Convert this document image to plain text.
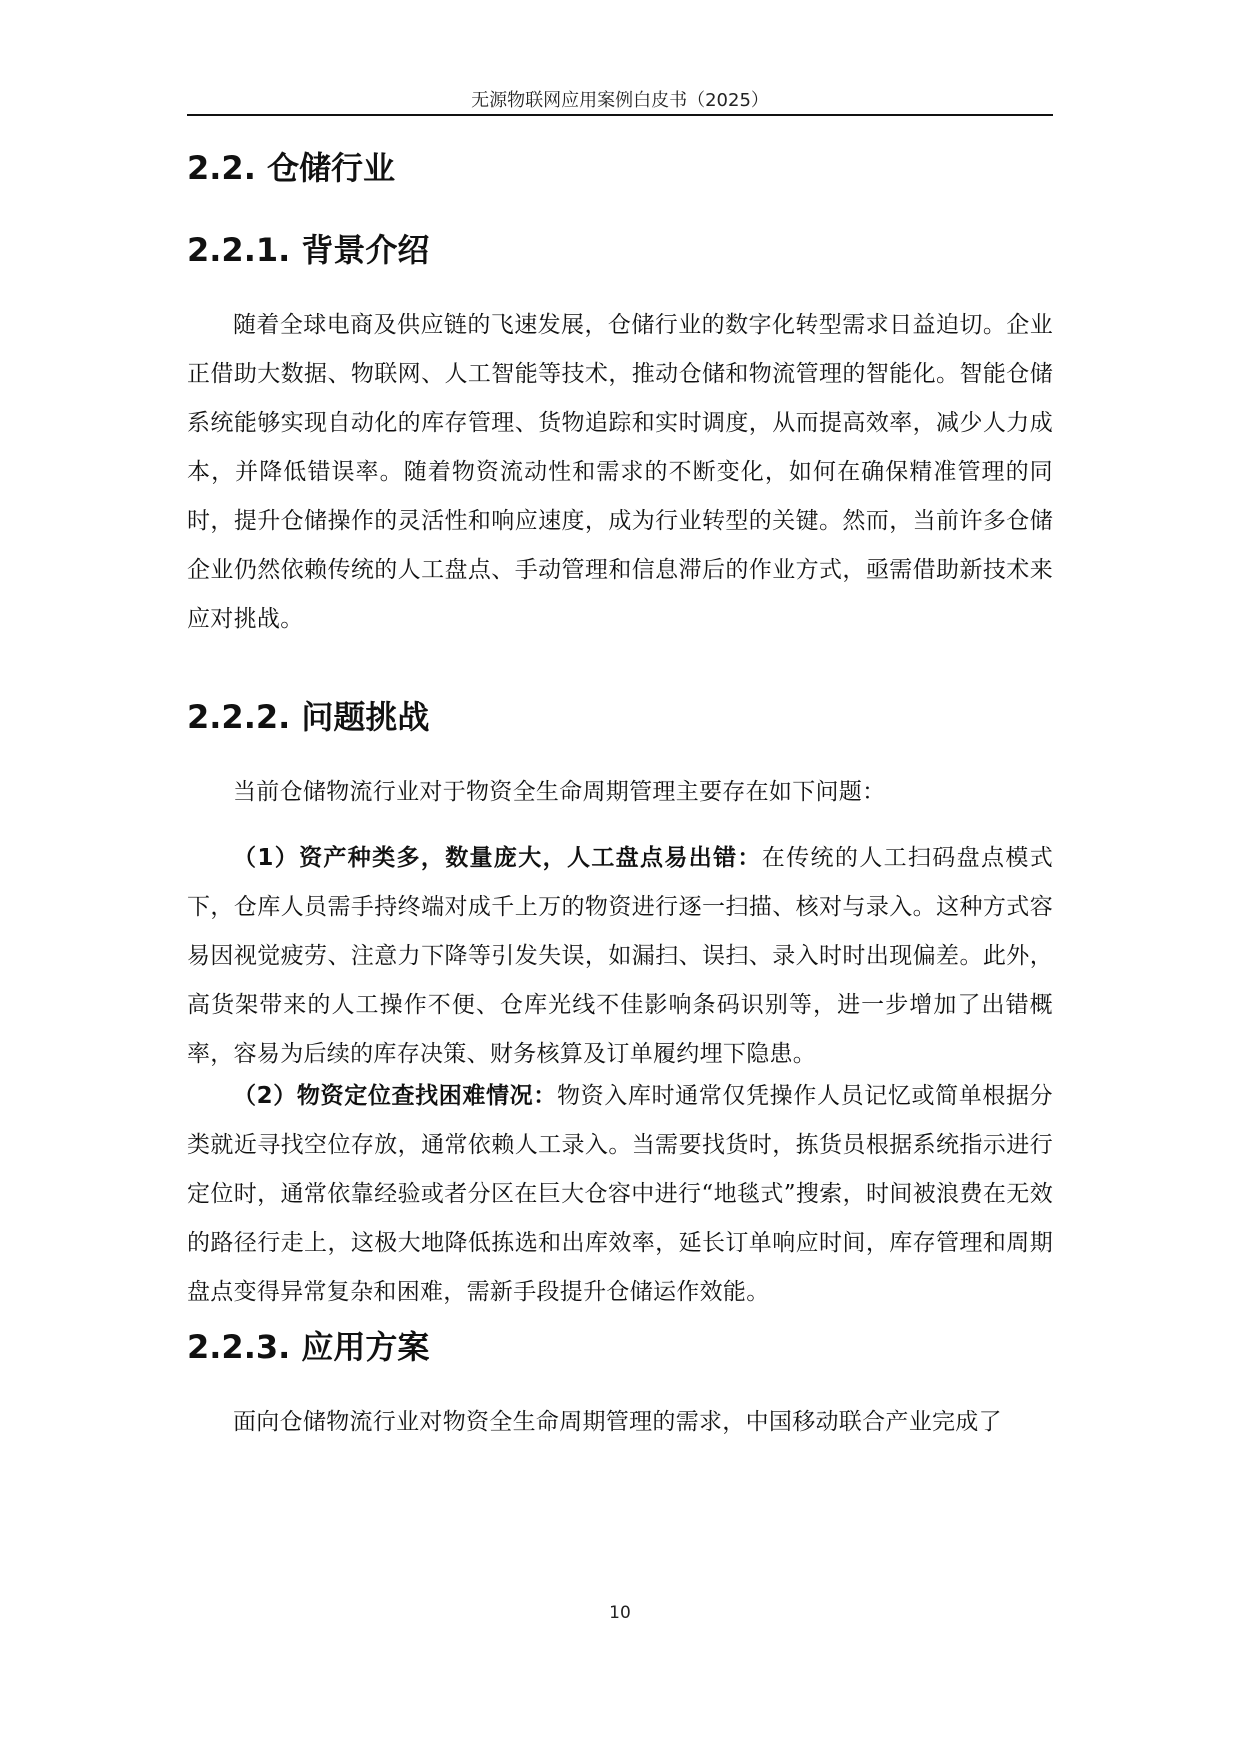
无源物联网应用案例白皮书（2025）
2.2. 仓储行业
2.2.1. 背景介绍

随着全球电商及供应链的飞速发展，仓储行业的数字化转型需求日益迫切。企业正借助大数据、物联网、人工智能等技术，推动仓储和物流管理的智能化。智能仓储系统能够实现自动化的库存管理、货物追踪和实时调度，从而提高效率，减少人力成本，并降低错误率。随着物资流动性和需求的不断变化，如何在确保精准管理的同时，提升仓储操作的灵活性和响应速度，成为行业转型的关键。然而，当前许多仓储企业仍然依赖传统的人工盘点、手动管理和信息滞后的作业方式，亟需借助新技术来应对挑战。

2.2.2. 问题挑战

当前仓储物流行业对于物资全生命周期管理主要存在如下问题：

（1）资产种类多，数量庞大，人工盘点易出错：在传统的人工扫码盘点模式下，仓库人员需手持终端对成千上万的物资进行逐一扫描、核对与录入。这种方式容易因视觉疲劳、注意力下降等引发失误，如漏扫、误扫、录入时时出现偏差。此外，高货架带来的人工操作不便、仓库光线不佳影响条码识别等，进一步增加了出错概率，容易为后续的库存决策、财务核算及订单履约埋下隐患。

（2）物资定位查找困难情况：物资入库时通常仅凭操作人员记忆或简单根据分类就近寻找空位存放，通常依赖人工录入。当需要找货时，拣货员根据系统指示进行定位时，通常依靠经验或者分区在巨大仓容中进行“地毯式”搜索，时间被浪费在无效的路径行走上，这极大地降低拣选和出库效率，延长订单响应时间，库存管理和周期盘点变得异常复杂和困难，需新手段提升仓储运作效能。

2.2.3. 应用方案

面向仓储物流行业对物资全生命周期管理的需求，中国移动联合产业完成了

10
